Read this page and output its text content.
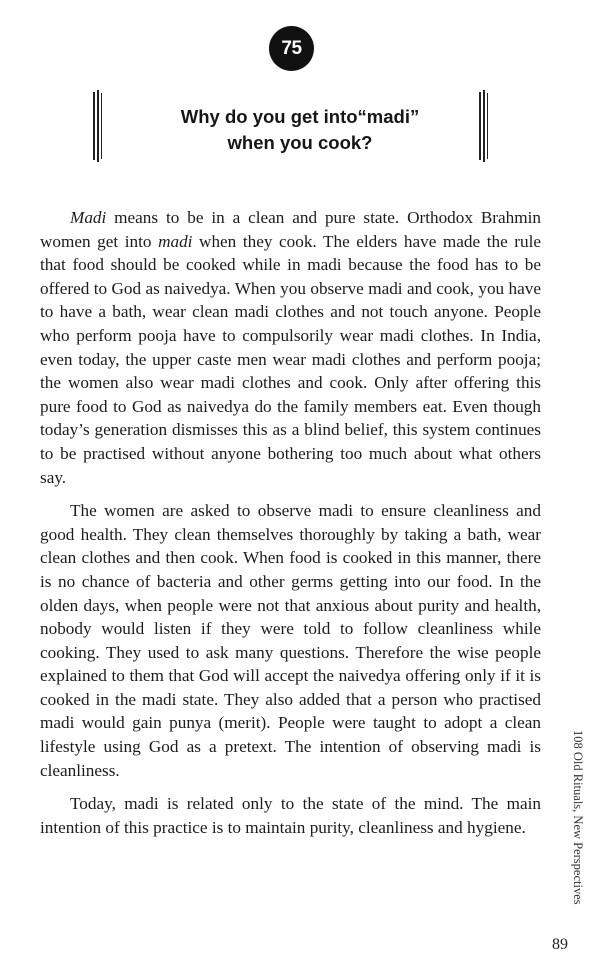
75
Why do you get into“madi”
when you cook?

Madi means to be in a clean and pure state. Orthodox Brahmin women get into madi when they cook. The elders have made the rule that food should be cooked while in madi because the food has to be offered to God as naivedya. When you observe madi and cook, you have to have a bath, wear clean madi clothes and not touch anyone. People who perform pooja have to compulsorily wear madi clothes. In India, even today, the upper caste men wear madi clothes and perform pooja; the women also wear madi clothes and cook. Only after offering this pure food to God as naivedya do the family members eat. Even though today’s generation dismisses this as a blind belief, this system continues to be practised without anyone bothering too much about what others say.

The women are asked to observe madi to ensure cleanliness and good health. They clean themselves thoroughly by taking a bath, wear clean clothes and then cook. When food is cooked in this manner, there is no chance of bacteria and other germs getting into our food. In the olden days, when people were not that anxious about purity and health, nobody would listen if they were told to follow cleanliness while cooking. They used to ask many questions. Therefore the wise people explained to them that God will accept the naivedya offering only if it is cooked in the madi state. They also added that a person who practised madi would gain punya (merit). People were taught to adopt a clean lifestyle using God as a pretext. The intention of observing madi is cleanliness.

Today, madi is related only to the state of the mind. The main intention of this practice is to maintain purity, cleanliness and hygiene.	108 Old Rituals, New Perspectives
89
